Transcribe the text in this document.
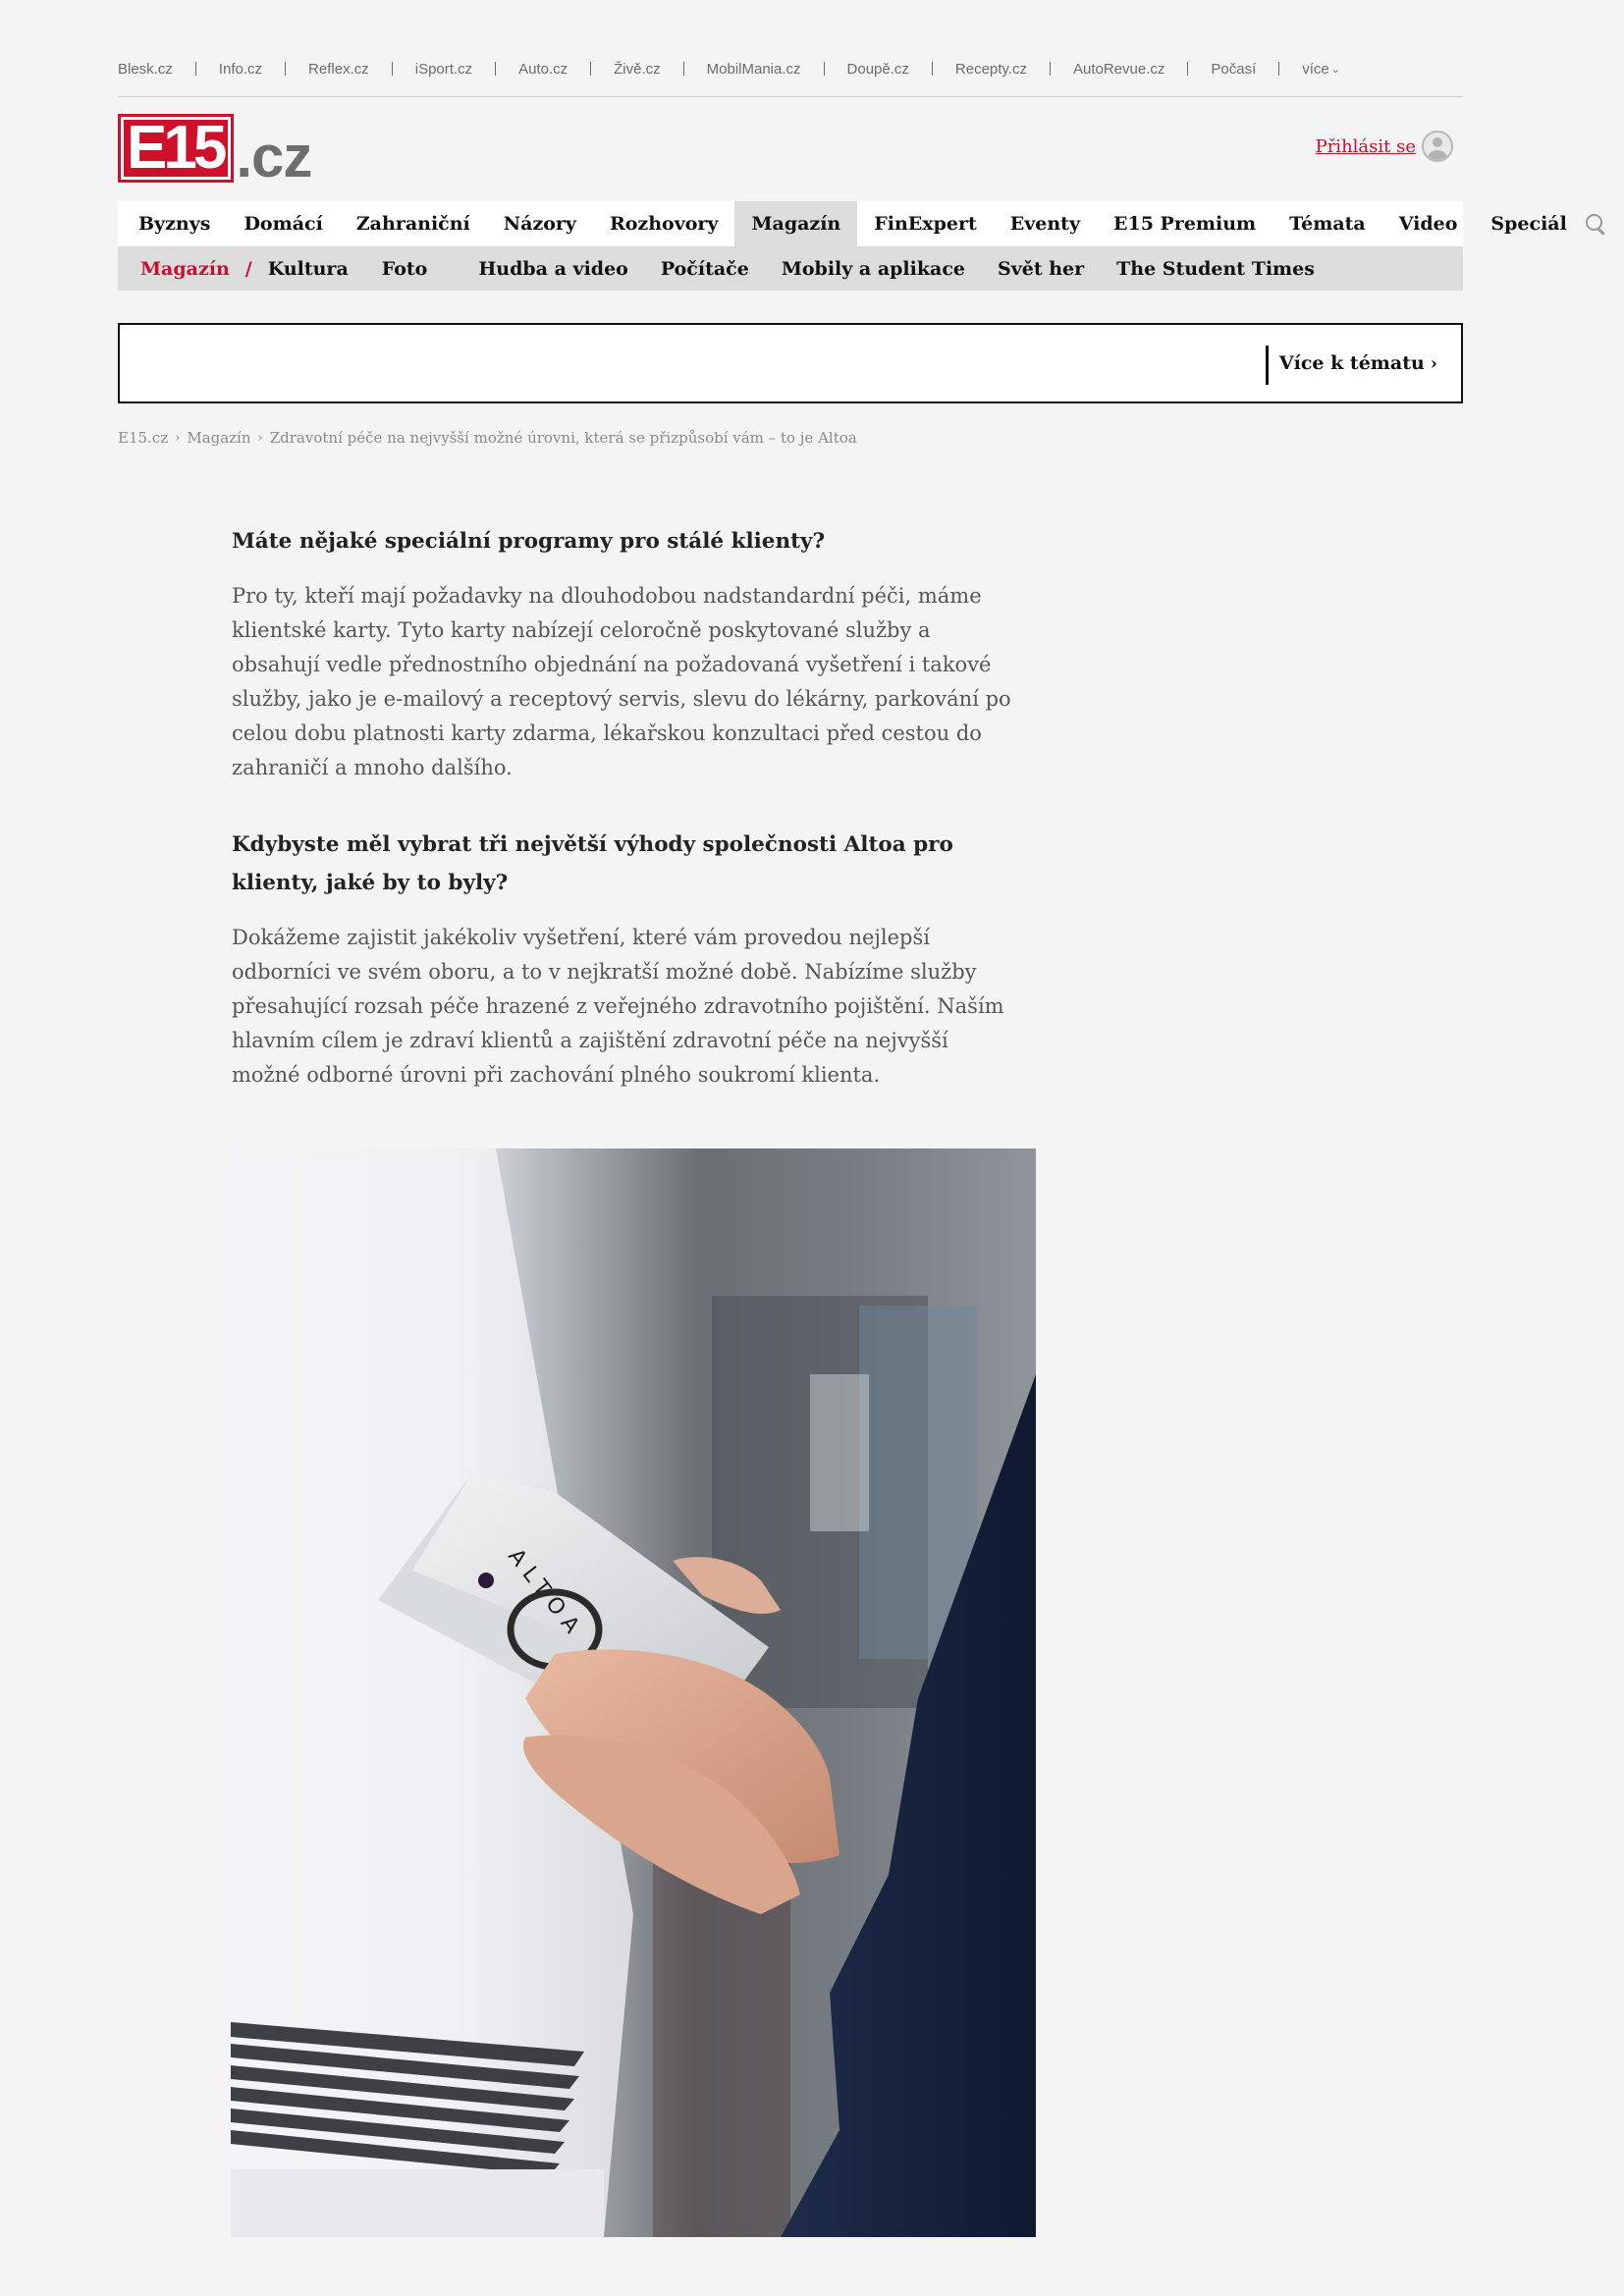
Blesk.cz	Info.cz	Reflex.cz	iSport.cz	Auto.cz	Živě.cz	MobilMania.cz	Doupě.cz	Recepty.cz	AutoRevue.cz	Počasí	více ⌄
E15 .cz	Přihlásit se
Byznys	Domácí	Zahraniční	Názory	Rozhovory	Magazín	FinExpert	Eventy	E15 Premium	Témata	Video	Speciál
Magazín / Kultura Foto	Hudba a video Počítače Mobily a aplikace Svět her The Student Times
Více k tématu ›
E15.cz › Magazín › Zdravotní péče na nejvyšší možné úrovni, která se přizpůsobí vám – to je Altoa

Máte nějaké speciální programy pro stálé klienty?

Pro ty, kteří mají požadavky na dlouhodobou nadstandardní péči, máme klientské karty. Tyto karty nabízejí celoročně poskytované služby a obsahují vedle přednostního objednání na požadovaná vyšetření i takové služby, jako je e-mailový a receptový servis, slevu do lékárny, parkování po celou dobu platnosti karty zdarma, lékařskou konzultaci před cestou do zahraničí a mnoho dalšího.

Kdybyste měl vybrat tři největší výhody společnosti Altoa pro klienty, jaké by to byly?

Dokážeme zajistit jakékoliv vyšetření, které vám provedou nejlepší odborníci ve svém oboru, a to v nejkratší možné době. Nabízíme služby přesahující rozsah péče hrazené z veřejného zdravotního pojištění. Naším hlavním cílem je zdraví klientů a zajištění zdravotní péče na nejvyšší možné odborné úrovni při zachování plného soukromí klienta.

ALTOA
